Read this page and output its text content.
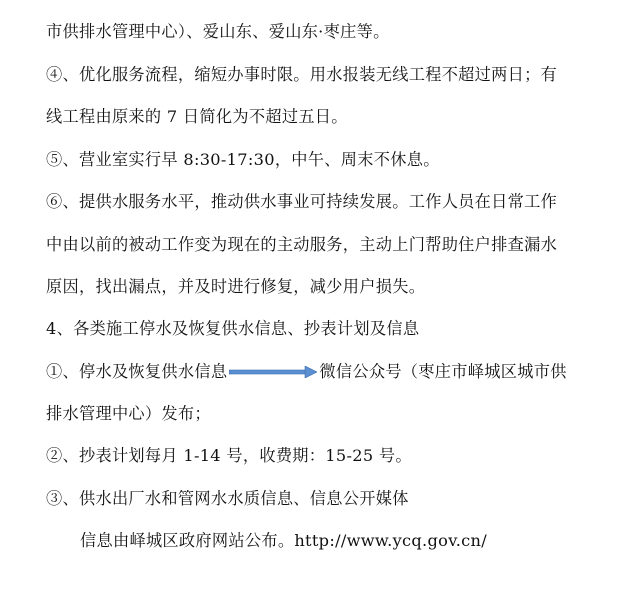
市供排水管理中心）、爱山东、爱山东·枣庄等。
④、优化服务流程，缩短办事时限。用水报装无线工程不超过两日；有
线工程由原来的 7 日简化为不超过五日。
⑤、营业室实行早 8:30-17:30，中午、周末不休息。
⑥、提供水服务水平，推动供水事业可持续发展。工作人员在日常工作
中由以前的被动工作变为现在的主动服务，主动上门帮助住户排查漏水
原因，找出漏点，并及时进行修复，减少用户损失。
4、各类施工停水及恢复供水信息、抄表计划及信息
①、停水及恢复供水信息	微信公众号（枣庄市峄城区城市供
排水管理中心）发布；
②、抄表计划每月 1-14 号，收费期：15-25 号。
③、供水出厂水和管网水水质信息、信息公开媒体
信息由峄城区政府网站公布。http://www.ycq.gov.cn/
